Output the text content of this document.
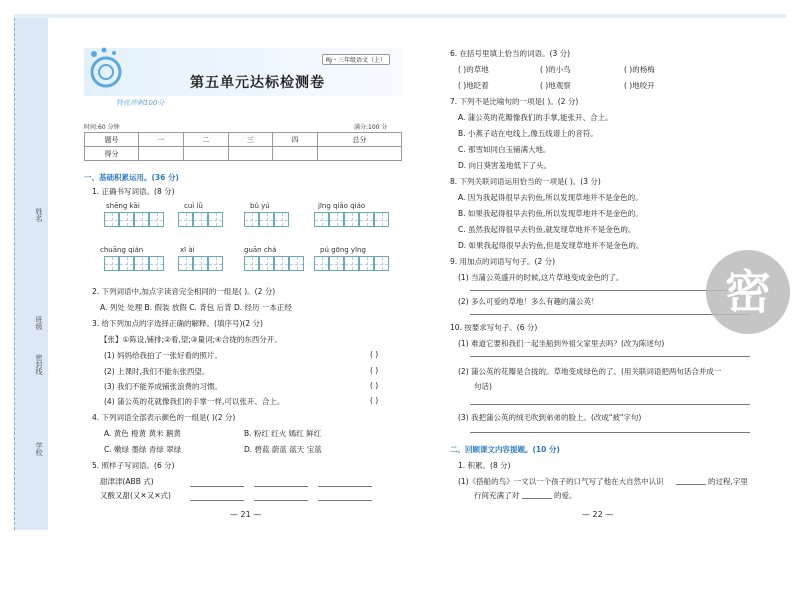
姓名
班级
密封线
学校
RJ・三年级语文（上）
第五单元达标检测卷
特优冲刺100分
时间:60 分钟	满分:100 分
题号	一	二	三	四	总分
得分					
一、基础积累运用。(36 分)
1. 正确书写词语。(8 分)
shēng kāi	cuì lǜ	bǔ yú	jīng qiǎo qiáo
chuāng qián	xī ài	guān chá	pú gōng yīng
2. 下列词语中,加点字读音完全相同的一组是( )。(2 分)
A. 列处 处理 B. 假装 放假 C. 背包 后背 D. 经历 一本正经
3. 给下列加点的字选择正确的解释。(填序号)(2 分)
【张】①陈设,铺排;②看,望;③量词;④合拢的东西分开。
(1) 妈妈给我拍了一张好看的照片。	( )
(2) 上课时,我们不能东张西望。	( )
(3) 我们不能养成铺张浪费的习惯。	( )
(4) 蒲公英的花就像我们的手掌一样,可以张开、合上。	( )
4. 下列词语全部表示颜色的一组是( )(2 分)
A. 黄色 橙黄 黄米 鹅黄	B. 粉红 红火 嫣红 鲜红
C. 嫩绿 墨绿 青绿 翠绿	D. 碧蓝 蔚蓝 蓝天 宝蓝
5. 照样子写词语。(6 分)
甜津津(ABB 式)
又酸又甜(又✕又✕式)
— 21 —
6. 在括号里填上恰当的词语。(3 分)
( )的草地	( )的小鸟	( )的杨梅
( )地眨着	( )地观察	( )地咬开
7. 下列不是比喻句的一项是( )。(2 分)
A. 蒲公英的花瓣像我们的手掌,能张开、合上。
B. 小燕子站在电线上,像五线谱上的音符。
C. 那雪如同白玉铺满大地。
D. 向日葵害羞地低下了头。
8. 下列关联词语运用恰当的一项是( )。(3 分)
A. 因为我起得很早去钓鱼,所以发现草地并不是金色的。
B. 如果我起得很早去钓鱼,所以发现草地并不是金色的。
C. 虽然我起得很早去钓鱼,就发现草地并不是金色的。
D. 如果我起得很早去钓鱼,但是发现草地并不是金色的。
9. 用加点的词语写句子。(2 分)
(1) 当蒲公英盛开的时候,这片草地变成金色的了。
(2) 多么可爱的草地！多么有趣的蒲公英！
10. 按要求写句子。(6 分)
(1) 难道它要和我们一起坐船到外祖父家里去吗？(改为陈述句)
(2) 蒲公英的花瓣是合拢的。草地变成绿色的了。(用关联词语把两句话合并成一
句话)
(3) 我把蒲公英的绒毛吹到弟弟的脸上。(改成"被"字句)
二、回顾课文内容提题。(10 分)
1. 积累。(8 分)
(1)《搭船的鸟》一文以一个孩子的口气写了他在大自然中认识	的过程,字里
行间充满了对	的爱。
— 22 —
密
